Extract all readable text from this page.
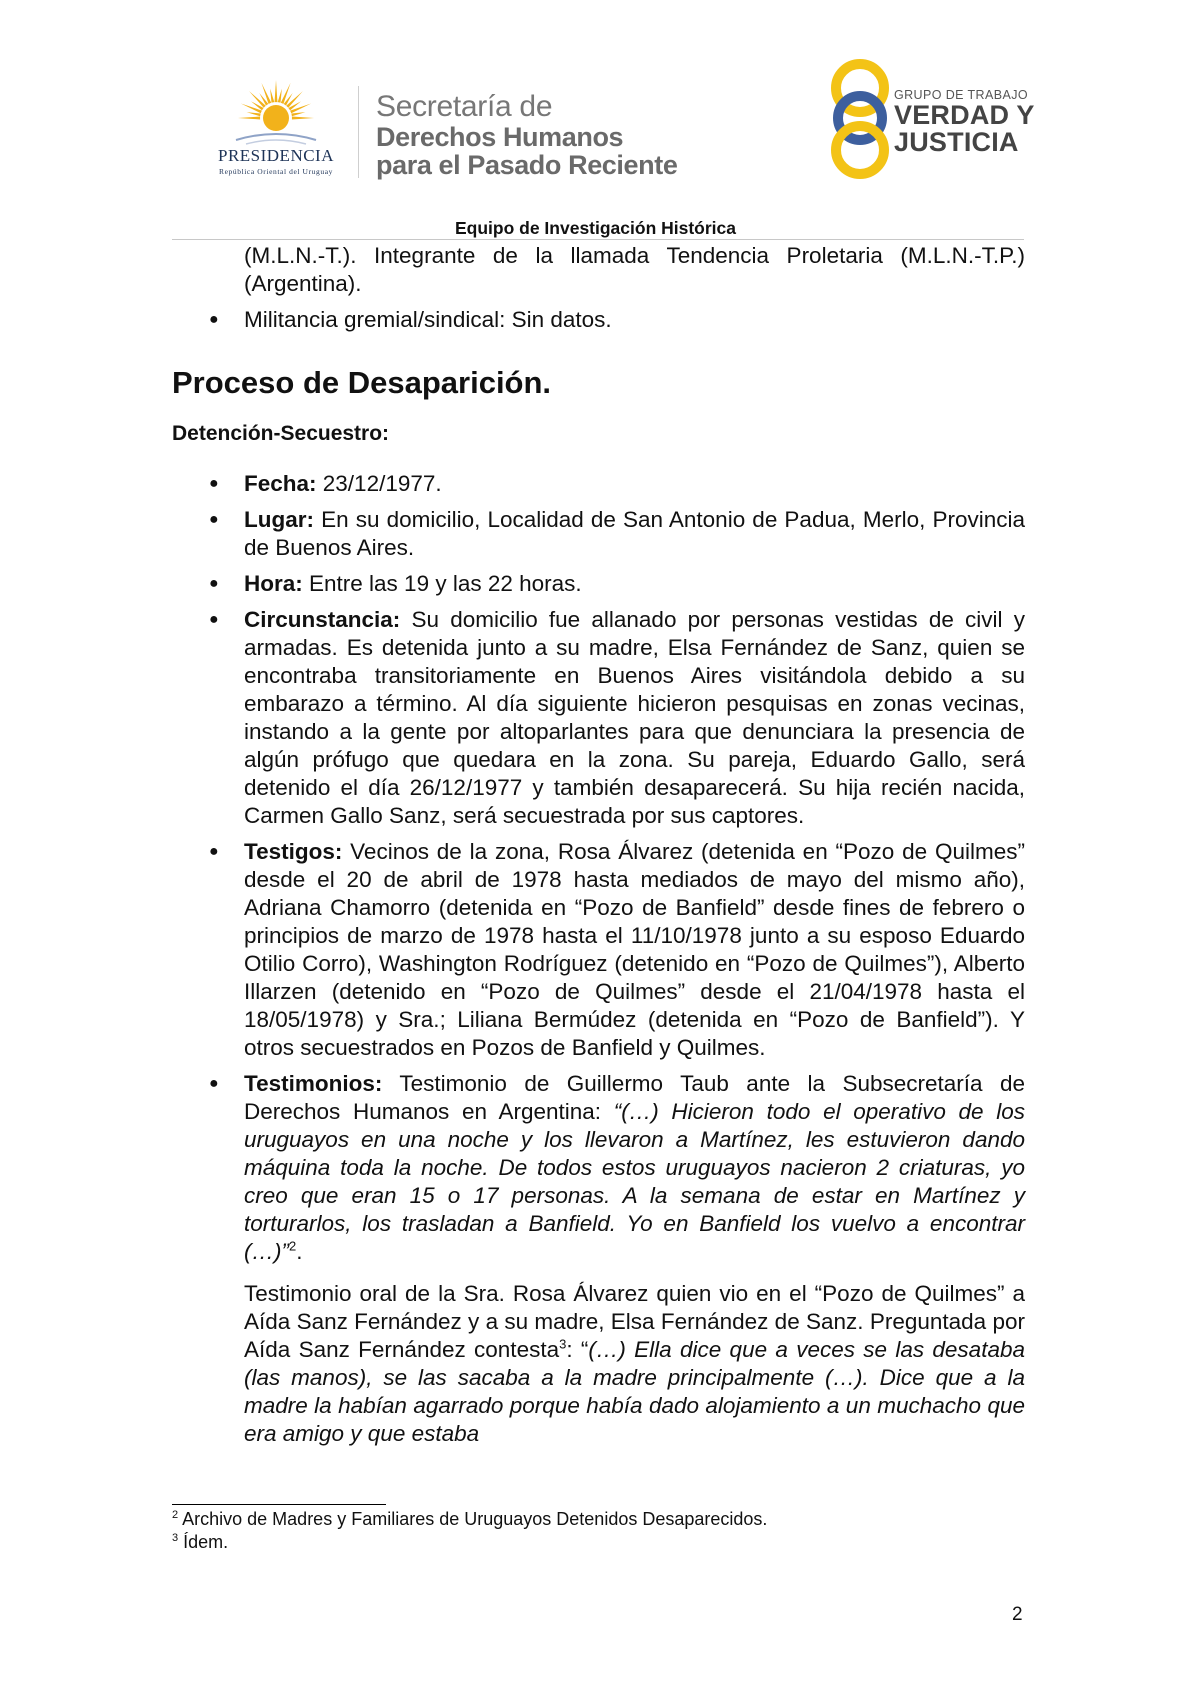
PRESIDENCIA
República Oriental del Uruguay
Secretaría de
Derechos Humanos
para el Pasado Reciente
GRUPO DE TRABAJO
VERDAD Y
JUSTICIA
Equipo de Investigación Histórica
(M.L.N.-T.). Integrante de la llamada Tendencia Proletaria (M.L.N.-T.P.) (Argentina).
● Militancia gremial/sindical: Sin datos.
Proceso de Desaparición.
Detención-Secuestro:
● Fecha: 23/12/1977.
● Lugar: En su domicilio, Localidad de San Antonio de Padua, Merlo, Provincia de Buenos Aires.
● Hora: Entre las 19 y las 22 horas.
● Circunstancia: Su domicilio fue allanado por personas vestidas de civil y armadas. Es detenida junto a su madre, Elsa Fernández de Sanz, quien se encontraba transitoriamente en Buenos Aires visitándola debido a su embarazo a término. Al día siguiente hicieron pesquisas en zonas vecinas, instando a la gente por altoparlantes para que denunciara la presencia de algún prófugo que quedara en la zona. Su pareja, Eduardo Gallo, será detenido el día 26/12/1977 y también desaparecerá. Su hija recién nacida, Carmen Gallo Sanz, será secuestrada por sus captores.
● Testigos: Vecinos de la zona, Rosa Álvarez (detenida en “Pozo de Quilmes” desde el 20 de abril de 1978 hasta mediados de mayo del mismo año), Adriana Chamorro (detenida en “Pozo de Banfield” desde fines de febrero o principios de marzo de 1978 hasta el 11/10/1978 junto a su esposo Eduardo Otilio Corro), Washington Rodríguez (detenido en “Pozo de Quilmes”), Alberto Illarzen (detenido en “Pozo de Quilmes” desde el 21/04/1978 hasta el 18/05/1978) y Sra.; Liliana Bermúdez (detenida en “Pozo de Banfield”). Y otros secuestrados en Pozos de Banfield y Quilmes.
● Testimonios: Testimonio de Guillermo Taub ante la Subsecretaría de Derechos Humanos en Argentina: “(…) Hicieron todo el operativo de los uruguayos en una noche y los llevaron a Martínez, les estuvieron dando máquina toda la noche. De todos estos uruguayos nacieron 2 criaturas, yo creo que eran 15 o 17 personas. A la semana de estar en Martínez y torturarlos, los trasladan a Banfield. Yo en Banfield los vuelvo a encontrar (…)”$^2$.
Testimonio oral de la Sra. Rosa Álvarez quien vio en el “Pozo de Quilmes” a Aída Sanz Fernández y a su madre, Elsa Fernández de Sanz. Preguntada por Aída Sanz Fernández contesta$^3$: “(…) Ella dice que a veces se las desataba (las manos), se las sacaba a la madre principalmente (…). Dice que a la madre la habían agarrado porque había dado alojamiento a un muchacho que era amigo y que estaba
$^2$ Archivo de Madres y Familiares de Uruguayos Detenidos Desaparecidos.
$^3$ Ídem.
2
